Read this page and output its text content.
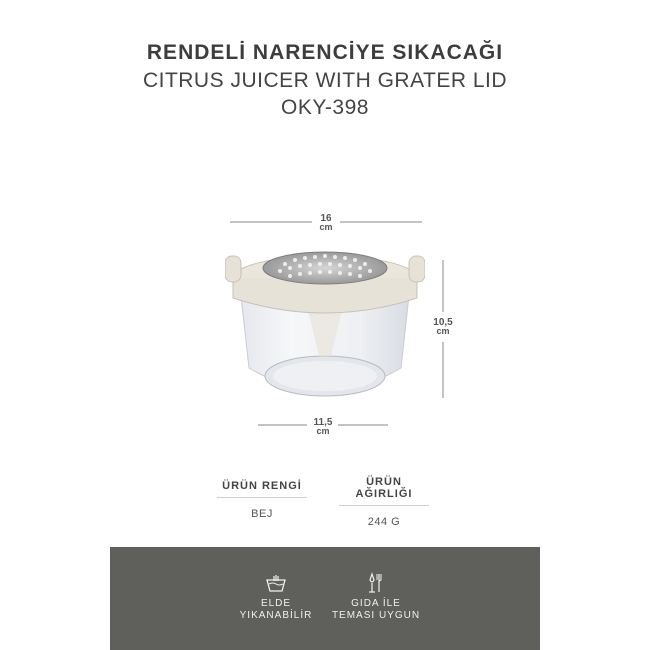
RENDELİ NARENCİYE SIKACAĞI
CITRUS JUICER WITH GRATER LID
OKY-398
16
cm
10,5
cm
11,5
cm
ÜRÜN RENGİ
BEJ
ÜRÜN AĞIRLIĞI
244 G
ELDE
YIKANABİLİR
GIDA İLE
TEMASI UYGUN
